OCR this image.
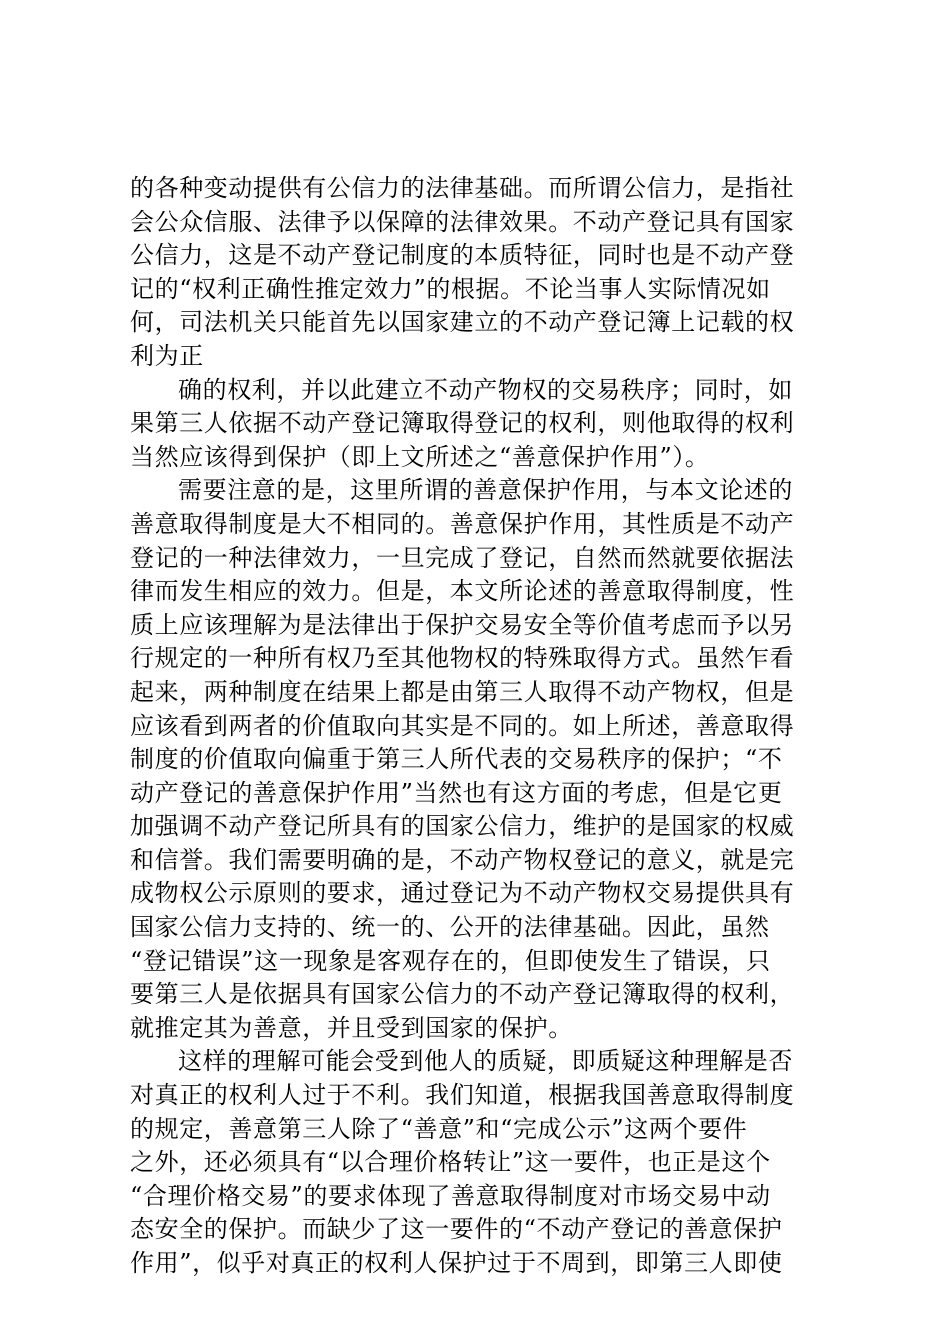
的各种变动提供有公信力的法律基础。而所谓公信力，是指社
会公众信服、法律予以保障的法律效果。不动产登记具有国家
公信力，这是不动产登记制度的本质特征，同时也是不动产登
记的“权利正确性推定效力”的根据。不论当事人实际情况如
何，司法机关只能首先以国家建立的不动产登记簿上记载的权
利为正

确的权利，并以此建立不动产物权的交易秩序；同时，如
果第三人依据不动产登记簿取得登记的权利，则他取得的权利
当然应该得到保护（即上文所述之“善意保护作用”）。

需要注意的是，这里所谓的善意保护作用，与本文论述的
善意取得制度是大不相同的。善意保护作用，其性质是不动产
登记的一种法律效力，一旦完成了登记，自然而然就要依据法
律而发生相应的效力。但是，本文所论述的善意取得制度，性
质上应该理解为是法律出于保护交易安全等价值考虑而予以另
行规定的一种所有权乃至其他物权的特殊取得方式。虽然乍看
起来，两种制度在结果上都是由第三人取得不动产物权，但是
应该看到两者的价值取向其实是不同的。如上所述，善意取得
制度的价值取向偏重于第三人所代表的交易秩序的保护；“不
动产登记的善意保护作用”当然也有这方面的考虑，但是它更
加强调不动产登记所具有的国家公信力，维护的是国家的权威
和信誉。我们需要明确的是，不动产物权登记的意义，就是完
成物权公示原则的要求，通过登记为不动产物权交易提供具有
国家公信力支持的、统一的、公开的法律基础。因此，虽然
“登记错误”这一现象是客观存在的，但即使发生了错误，只
要第三人是依据具有国家公信力的不动产登记簿取得的权利，
就推定其为善意，并且受到国家的保护。

这样的理解可能会受到他人的质疑，即质疑这种理解是否
对真正的权利人过于不利。我们知道，根据我国善意取得制度
的规定，善意第三人除了“善意”和“完成公示”这两个要件
之外，还必须具有“以合理价格转让”这一要件，也正是这个
“合理价格交易”的要求体现了善意取得制度对市场交易中动
态安全的保护。而缺少了这一要件的“不动产登记的善意保护
作用”，似乎对真正的权利人保护过于不周到，即第三人即使
